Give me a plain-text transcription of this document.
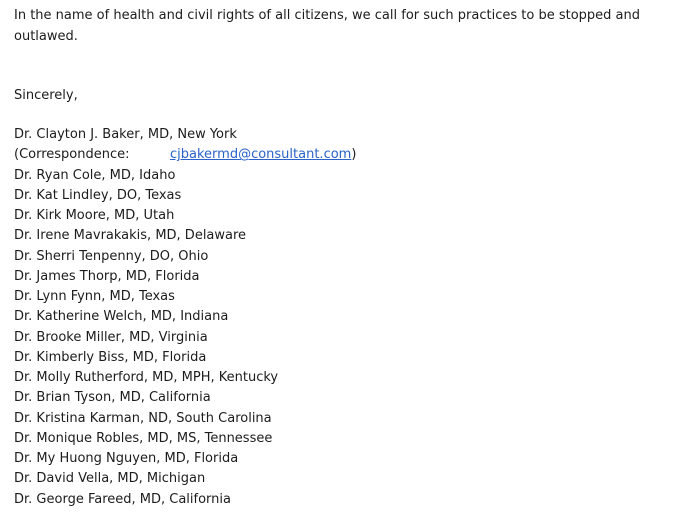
In the name of health and civil rights of all citizens, we call for such practices to be stopped and outlawed.

Sincerely,

Dr. Clayton J. Baker, MD, New York
(Correspondence:	cjbakermd@consultant.com)
Dr. Ryan Cole, MD, Idaho
Dr. Kat Lindley, DO, Texas
Dr. Kirk Moore, MD, Utah
Dr. Irene Mavrakakis, MD, Delaware
Dr. Sherri Tenpenny, DO, Ohio
Dr. James Thorp, MD, Florida
Dr. Lynn Fynn, MD, Texas
Dr. Katherine Welch, MD, Indiana
Dr. Brooke Miller, MD, Virginia
Dr. Kimberly Biss, MD, Florida
Dr. Molly Rutherford, MD, MPH, Kentucky
Dr. Brian Tyson, MD, California
Dr. Kristina Karman, ND, South Carolina
Dr. Monique Robles, MD, MS, Tennessee
Dr. My Huong Nguyen, MD, Florida
Dr. David Vella, MD, Michigan
Dr. George Fareed, MD, California
